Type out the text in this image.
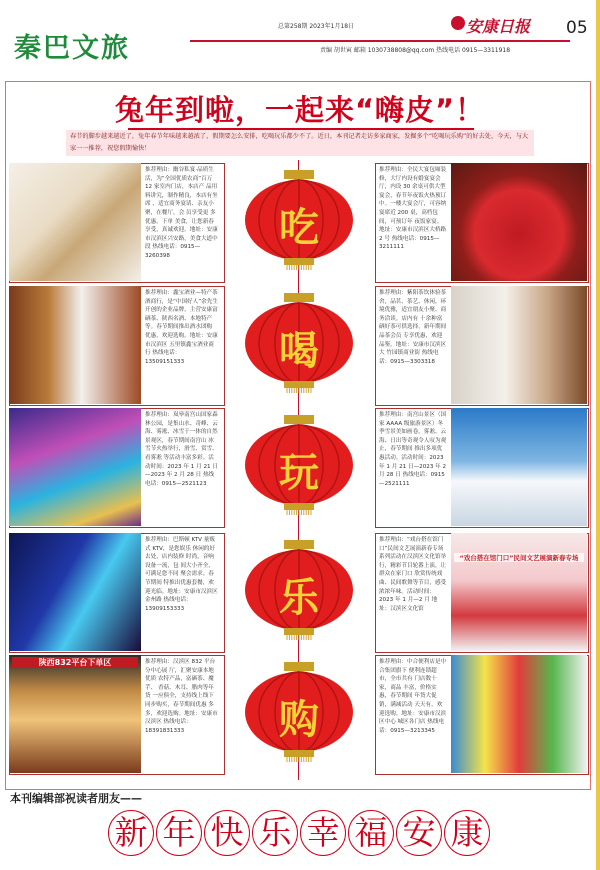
秦巴文旅
总第258期 2023年1月18日
责编 胡世寅 邮箱 1030738808@qq.com 热线电话 0915—3311918
安康日报 05
兔年到啦，一起来“嗨皮”！
春节的脚步越来越近了，兔年春节年味越来越浓了，假期要怎么安排，吃喝玩乐都少不了。近日，本刊记者走访多家商家，发掘多个“吃喝玩乐购”的好去处，今天，与大家一一推荐，祝您假期愉快！
推荐理由：幽谷私宴·品质生活，为“全国优质农商”百万 12 家室内门店，本店产 品用料讲究，制作精良，本店有坐席 ，适宜商务宴请、亲友小聚，在餐厅，会 员享受更 多优惠。下单 美食，让您新春享受，真诚欢迎。地址：安康市汉滨区兴安路，美食大道中段 热线电话：0915—3260398
推荐理由：全民大宴包厢装修，大厅内设有婚宴宴会 厅，内设 30 余桌可供大型宴会，春节年夜饭火热预订中。一楼大宴会厅，可容纳宴席近 200 桌，高档包间，可预订年 夜饭家宴。地址：安康市汉滨区大桥路 2 号 热线电话：0915—3211111
吃
推荐理由：鑫宝酒业—特产茶酒商行，是“中国好人”余先生开创的企业品牌，主营安康富硒茶、陕西名酒、本地特产等。春节期间推出酒水团购 优惠，欢迎选购。地址：安康市汉滨区 五里镇鑫宝酒业商行 热线电话：13509151333
推荐理由：紫阳茶饮体验茶舍，品茗、茶艺、休闲，环境优雅，适宜朋友小聚、商务洽谈。店内有 十余种富硒好茶可供选择，新年期间品茶会员 专享优惠，欢迎品鉴。地址：安康市汉滨区大 竹园镇商业街 热线电话：0915—3303318
喝
推荐理由：岚皋南宫山国家森林公园，是集山水、奇峰、云海、雾凇、冰雪于一体的自然景观区，春节期间南宫山 冰雪节火热举行，滑雪、赏雪、看雾凇 等活动丰富多彩。活动时间：2023 年 1 月 21 日—2023 年 2 月 28 日 热线电话：0915—2521123
推荐理由：南宫山景区（国家 AAAA 级旅游景区）冬季雪景美如画卷，雾凇、云海、日出等奇观令人叹为观止，春节期间 推出多项优惠活动。活动时间：2023 年 1 月 21 日—2023 年 2 月 28 日 热线电话：0915—2521111
玩
推荐理由：巴斯顿 KTV 量贩式 KTV，是您娱乐 休闲的好去处，店内装修 时尚，音响设备一流，包 间大小齐全，可满足您不同 聚会需求。春节期间 特推出优惠套餐，欢迎光临。地址：安康市汉滨区 金州路 热线电话：13909153333
推荐理由：“戏台搭在馆门口”民间文艺展演新春专场系列活动在汉滨区文化馆举行，精彩节目轮番上演，让群众在家门口 欣赏传统戏曲、民间歌舞等节目，感受浓浓年味。活动时间：2023 年 1 月—2 月 地址：汉滨区文化馆
“戏台搭在馆门口”民间文艺展演新春专场
乐
陕西832平台下单区	推荐理由：汉滨区 832 平台分中心展 厅，汇聚安康本地优质 农特产品，富硒茶、魔芋、 香菇、木耳、腊肉等年货 一应俱全，支持线上线下 同步购买，春节期间优惠 多多，欢迎选购。地址：安康市汉滨区 热线电话：18391831333
推荐理由：中合便利店是中合集团旗下 便利连锁超市，全市共有 门店数十家，商品 丰富，价格实惠，春节期间 年货大促销，满减活动 天天有，欢迎选购。地址：安康市汉滨区中心 城区各门店 热线电话：0915—3213345
购
本刊编辑部祝读者朋友——
新 年 快 乐 幸 福 安 康
